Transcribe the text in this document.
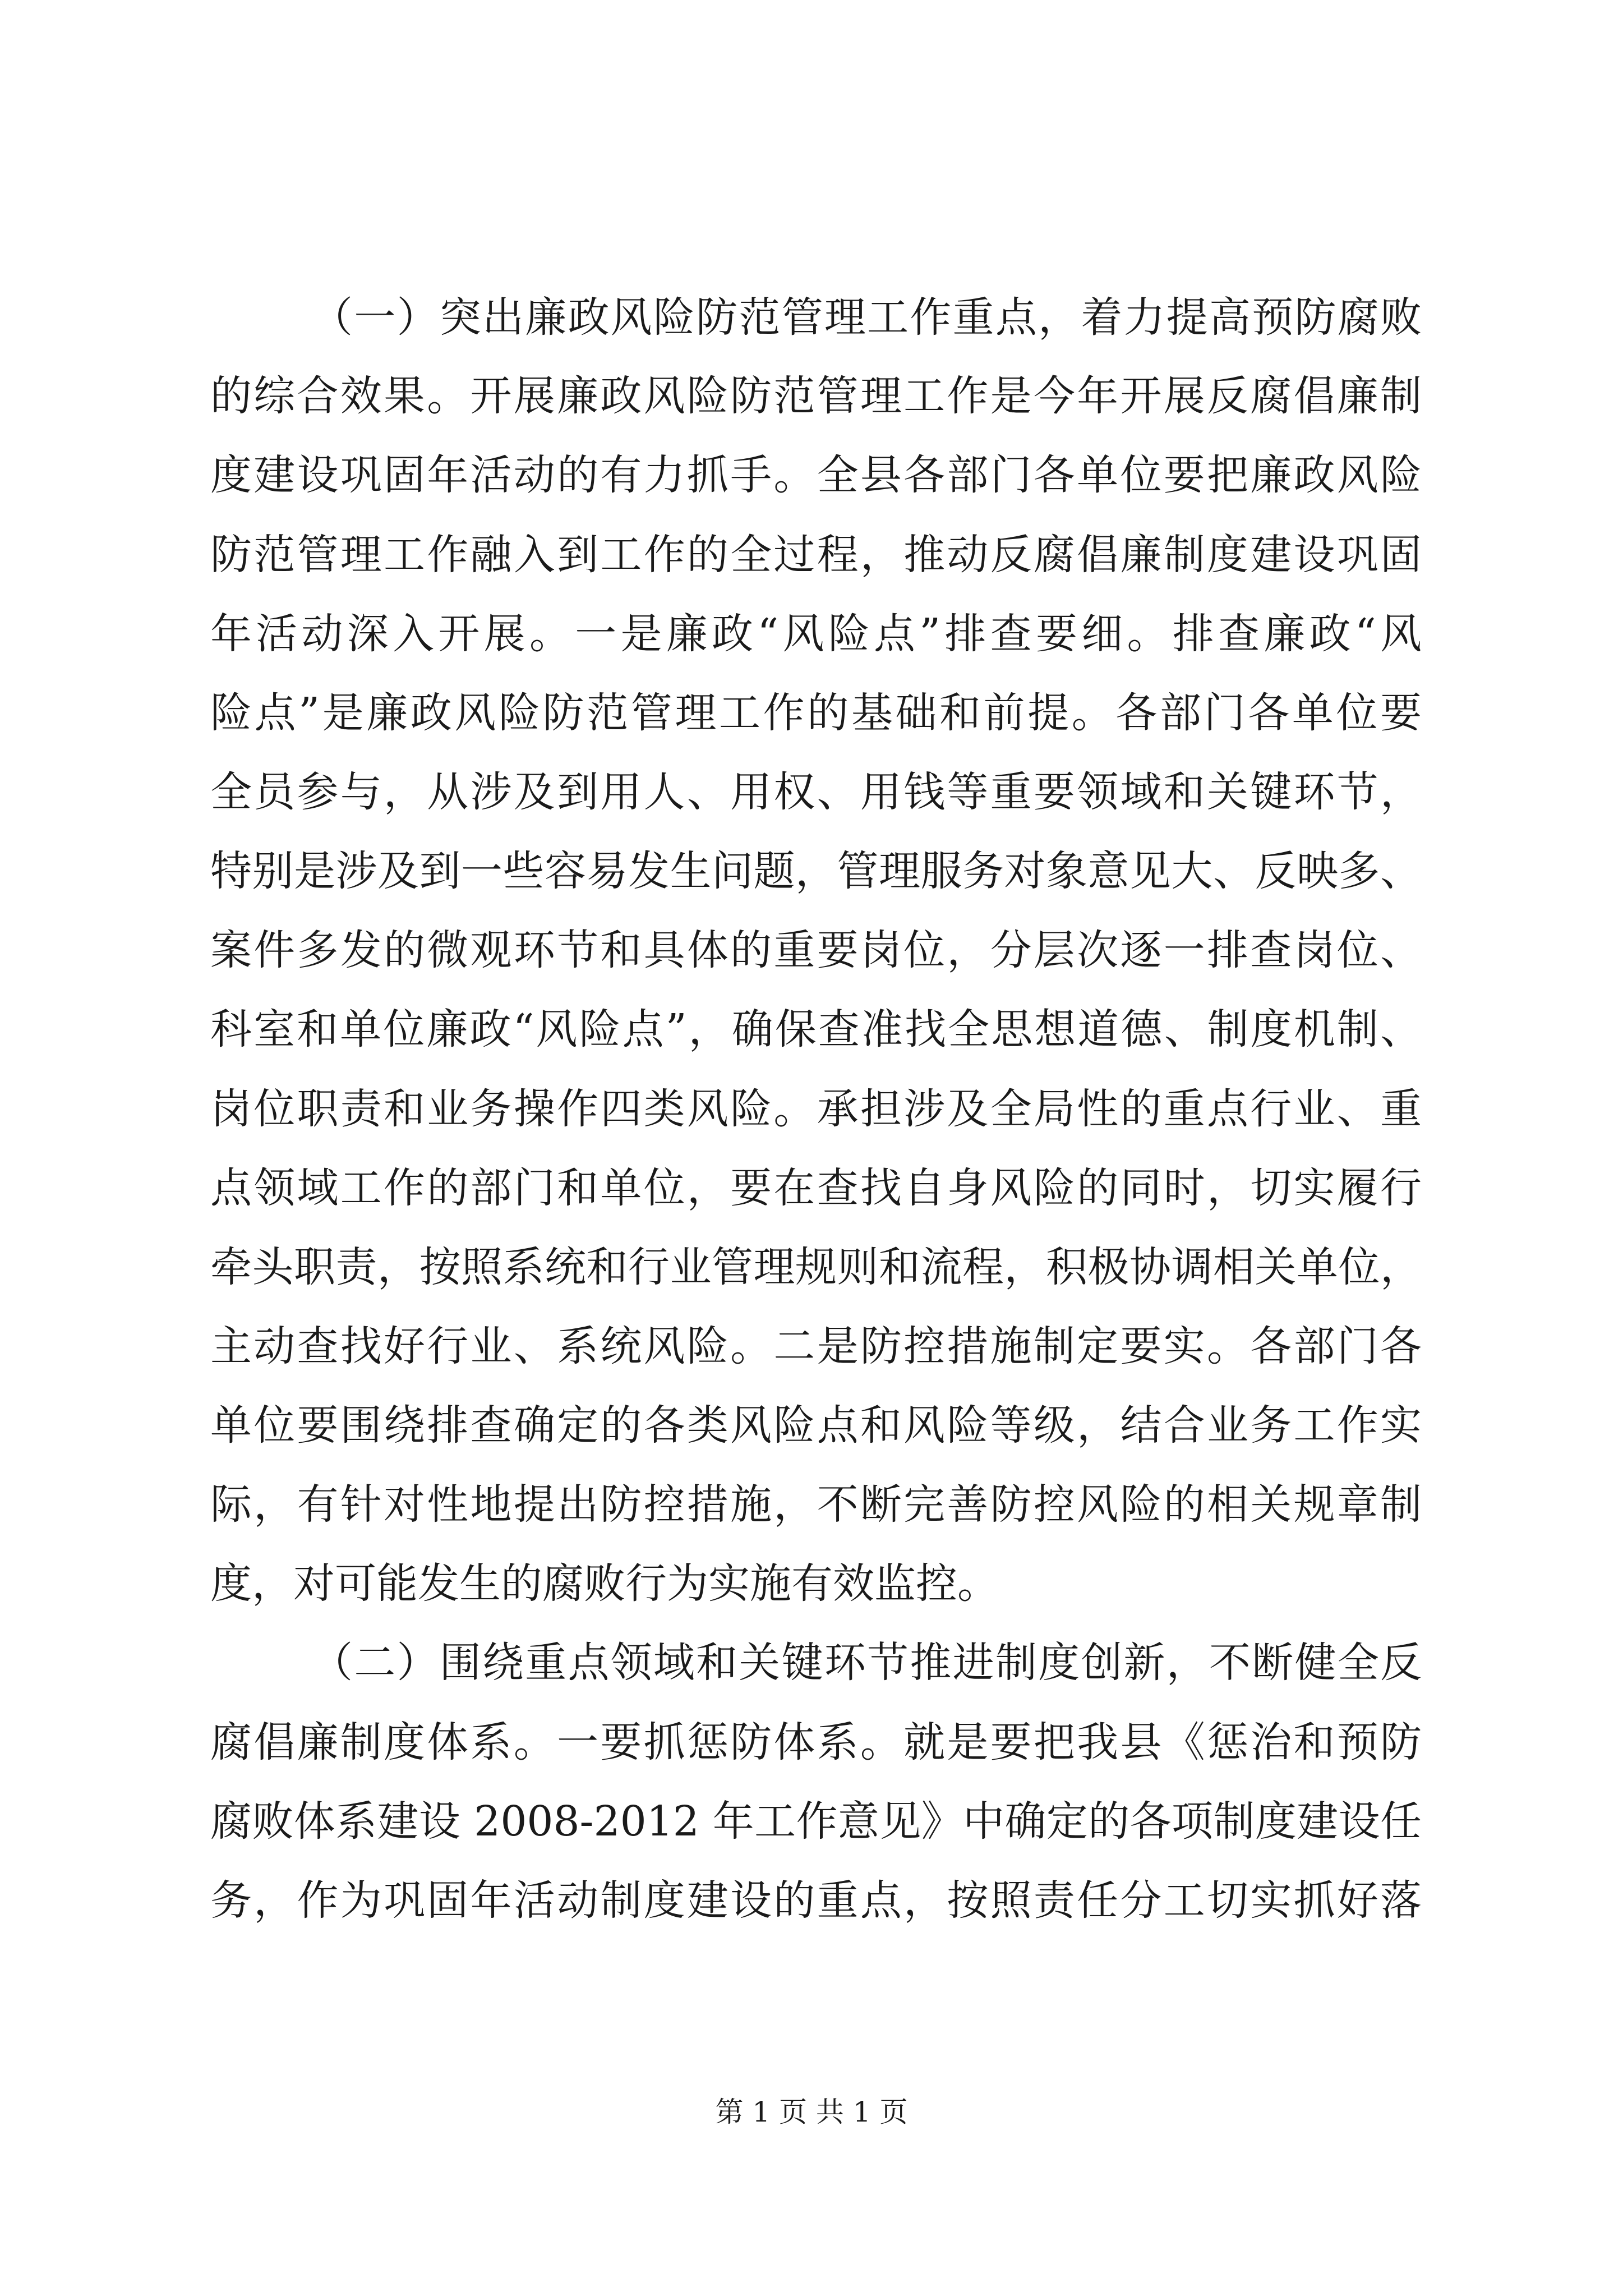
（一）突出廉政风险防范管理工作重点，着力提高预防腐败
的综合效果。开展廉政风险防范管理工作是今年开展反腐倡廉制
度建设巩固年活动的有力抓手。全县各部门各单位要把廉政风险
防范管理工作融入到工作的全过程，推动反腐倡廉制度建设巩固
年活动深入开展。一是廉政“风险点”排查要细。排查廉政“风
险点”是廉政风险防范管理工作的基础和前提。各部门各单位要
全员参与，从涉及到用人、用权、用钱等重要领域和关键环节，
特别是涉及到一些容易发生问题，管理服务对象意见大、反映多、
案件多发的微观环节和具体的重要岗位，分层次逐一排查岗位、
科室和单位廉政“风险点”，确保查准找全思想道德、制度机制、
岗位职责和业务操作四类风险。承担涉及全局性的重点行业、重
点领域工作的部门和单位，要在查找自身风险的同时，切实履行
牵头职责，按照系统和行业管理规则和流程，积极协调相关单位，
主动查找好行业、系统风险。二是防控措施制定要实。各部门各
单位要围绕排查确定的各类风险点和风险等级，结合业务工作实
际，有针对性地提出防控措施，不断完善防控风险的相关规章制
度，对可能发生的腐败行为实施有效监控。
（二）围绕重点领域和关键环节推进制度创新，不断健全反
腐倡廉制度体系。一要抓惩防体系。就是要把我县《惩治和预防
腐败体系建设 2008-2012 年工作意见》中确定的各项制度建设任
务，作为巩固年活动制度建设的重点，按照责任分工切实抓好落
第 1 页 共 1 页
